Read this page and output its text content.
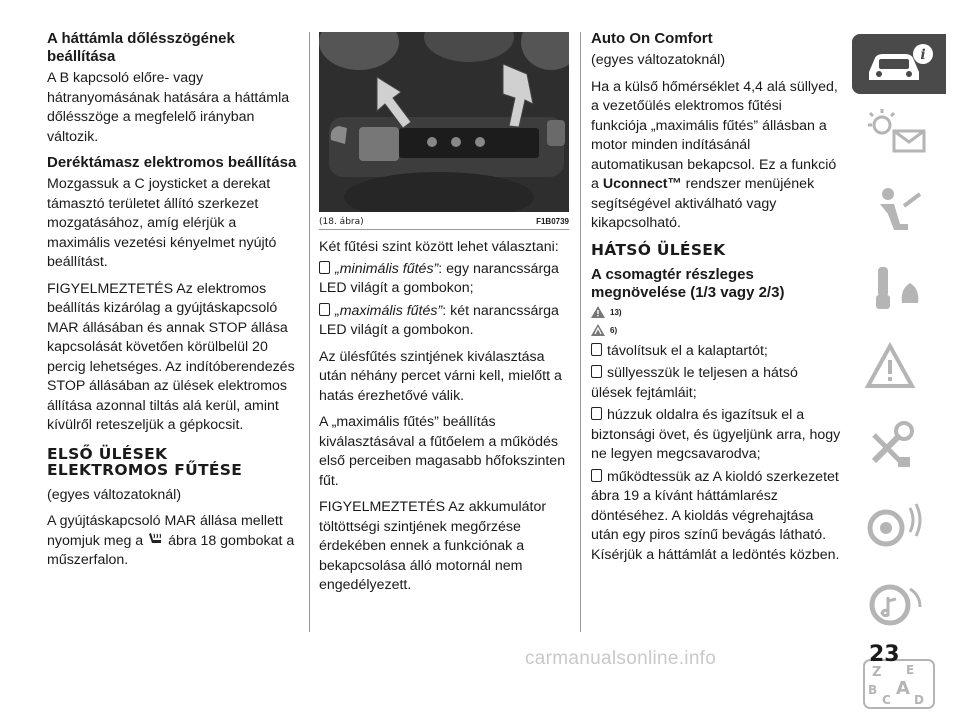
A háttámla dőlésszögének beállítása

A B kapcsoló előre- vagy hátranyomásának hatására a háttámla dőlésszöge a megfelelő irányban változik.

Deréktámasz elektromos beállítása

Mozgassuk a C joysticket a derekat támasztó területet állító szerkezet mozgatásához, amíg elérjük a maximális vezetési kényelmet nyújtó beállítást.

FIGYELMEZTETÉS Az elektromos beállítás kizárólag a gyújtáskapcsoló MAR állásában és annak STOP állása kapcsolását követően körülbelül 20 percig lehetséges. Az indítóberendezés STOP állásában az ülések elektromos állítása azonnal tiltás alá kerül, amint kívülről reteszeljük a gépkocsit.

ELSŐ ÜLÉSEK
ELEKTROMOS FŰTÉSE

(egyes változatoknál)

A gyújtáskapcsoló MAR állása mellett nyomjuk meg a ábra 18 gombokat a műszerfalon.

(18. ábra)	F1B0739

Két fűtési szint között lehet választani:

„minimális fűtés”: egy narancssárga LED világít a gombokon;

„maximális fűtés”: két narancssárga LED világít a gombokon.

Az ülésfűtés szintjének kiválasztása után néhány percet várni kell, mielőtt a hatás érezhetővé válik.

A „maximális fűtés” beállítás kiválasztásával a fűtőelem a működés első perceiben magasabb hőfokszinten fűt.

FIGYELMEZTETÉS Az akkumulátor töltöttségi szintjének megőrzése érdekében ennek a funkciónak a bekapcsolása álló motornál nem engedélyezett.

Auto On Comfort

(egyes változatoknál)

Ha a külső hőmérséklet 4,4 alá süllyed, a vezetőülés elektromos fűtési funkciója „maximális fűtés” állásban a motor minden indításánál automatikusan bekapcsol. Ez a funkció a Uconnect™ rendszer menüjének segítségével aktiválható vagy kikapcsolható.

HÁTSÓ ÜLÉSEK
A csomagtér részleges megnövelése (1/3 vagy 2/3)
13)
6)

távolítsuk el a kalaptartót;

süllyesszük le teljesen a hátsó ülések fejtámláit;

húzzuk oldalra és igazítsuk el a biztonsági övet, és ügyeljünk arra, hogy ne legyen megcsavarodva;

működtessük az A kioldó szerkezetet ábra 19 a kívánt háttámlarész döntéséhez. A kioldás végrehajtása után egy piros színű bevágás látható. Kísérjük a háttámlát a ledöntés közben.

i

Z E
B A
C D
carmanualsonline.info	23
